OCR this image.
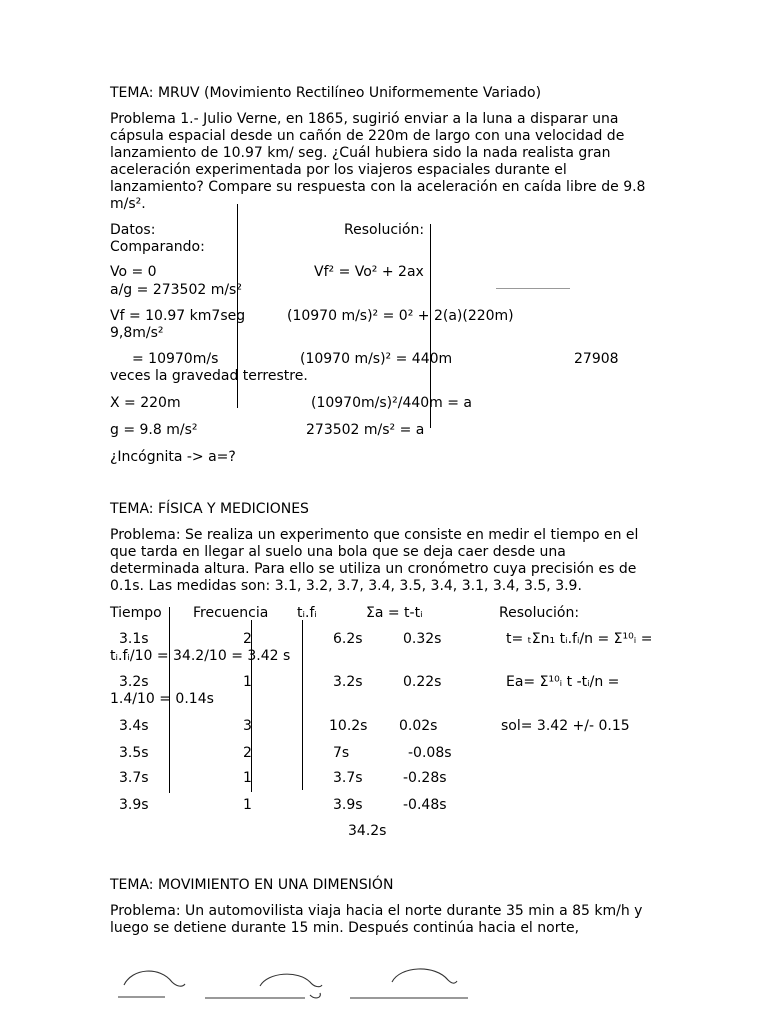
TEMA: MRUV (Movimiento Rectilíneo Uniformemente Variado)

Problema 1.- Julio Verne, en 1865, sugirió enviar a la luna a disparar una cápsula espacial desde un cañón de 220m de largo con una velocidad de lanzamiento de 10.97 km/ seg. ¿Cuál hubiera sido la nada realista gran aceleración experimentada por los viajeros espaciales durante el lanzamiento? Compare su respuesta con la aceleración en caída libre de 9.8 m/s².

Datos:	Resolución:
Comparando:
Vo = 0	Vf² = Vo² + 2ax
a/g = 273502 m/s²
Vf = 10.97 km7seg	(10970 m/s)² = 0² + 2(a)(220m)
9,8m/s²
= 10970m/s	(10970 m/s)² = 440m	27908
veces la gravedad terrestre.
X = 220m	(10970m/s)²/440m = a
g = 9.8 m/s²	273502 m/s² = a
¿Incógnita -> a=?
TEMA: FÍSICA Y MEDICIONES

Problema: Se realiza un experimento que consiste en medir el tiempo en el que tarda en llegar al suelo una bola que se deja caer desde una determinada altura. Para ello se utiliza un cronómetro cuya precisión es de 0.1s. Las medidas son: 3.1, 3.2, 3.7, 3.4, 3.5, 3.4, 3.1, 3.4, 3.5, 3.9.

Tiempo Frecuencia tᵢ.fᵢ	Σa = t-tᵢ	Resolución:
3.1s	2	6.2s	0.32s	t= ₜΣn₁ tᵢ.fᵢ/n = Σ¹⁰ᵢ =
tᵢ.fᵢ/10 = 34.2/10 = 3.42 s
3.2s	1	3.2s	0.22s	Ea= Σ¹⁰ᵢ t -tᵢ/n =
1.4/10 = 0.14s
3.4s	3	10.2s 0.02s	sol= 3.42 +/- 0.15
3.5s	2	7s	-0.08s
3.7s	1	3.7s	-0.28s
3.9s	1	3.9s	-0.48s
34.2s
TEMA: MOVIMIENTO EN UNA DIMENSIÓN

Problema: Un automovilista viaja hacia el norte durante 35 min a 85 km/h y luego se detiene durante 15 min. Después continúa hacia el norte,
